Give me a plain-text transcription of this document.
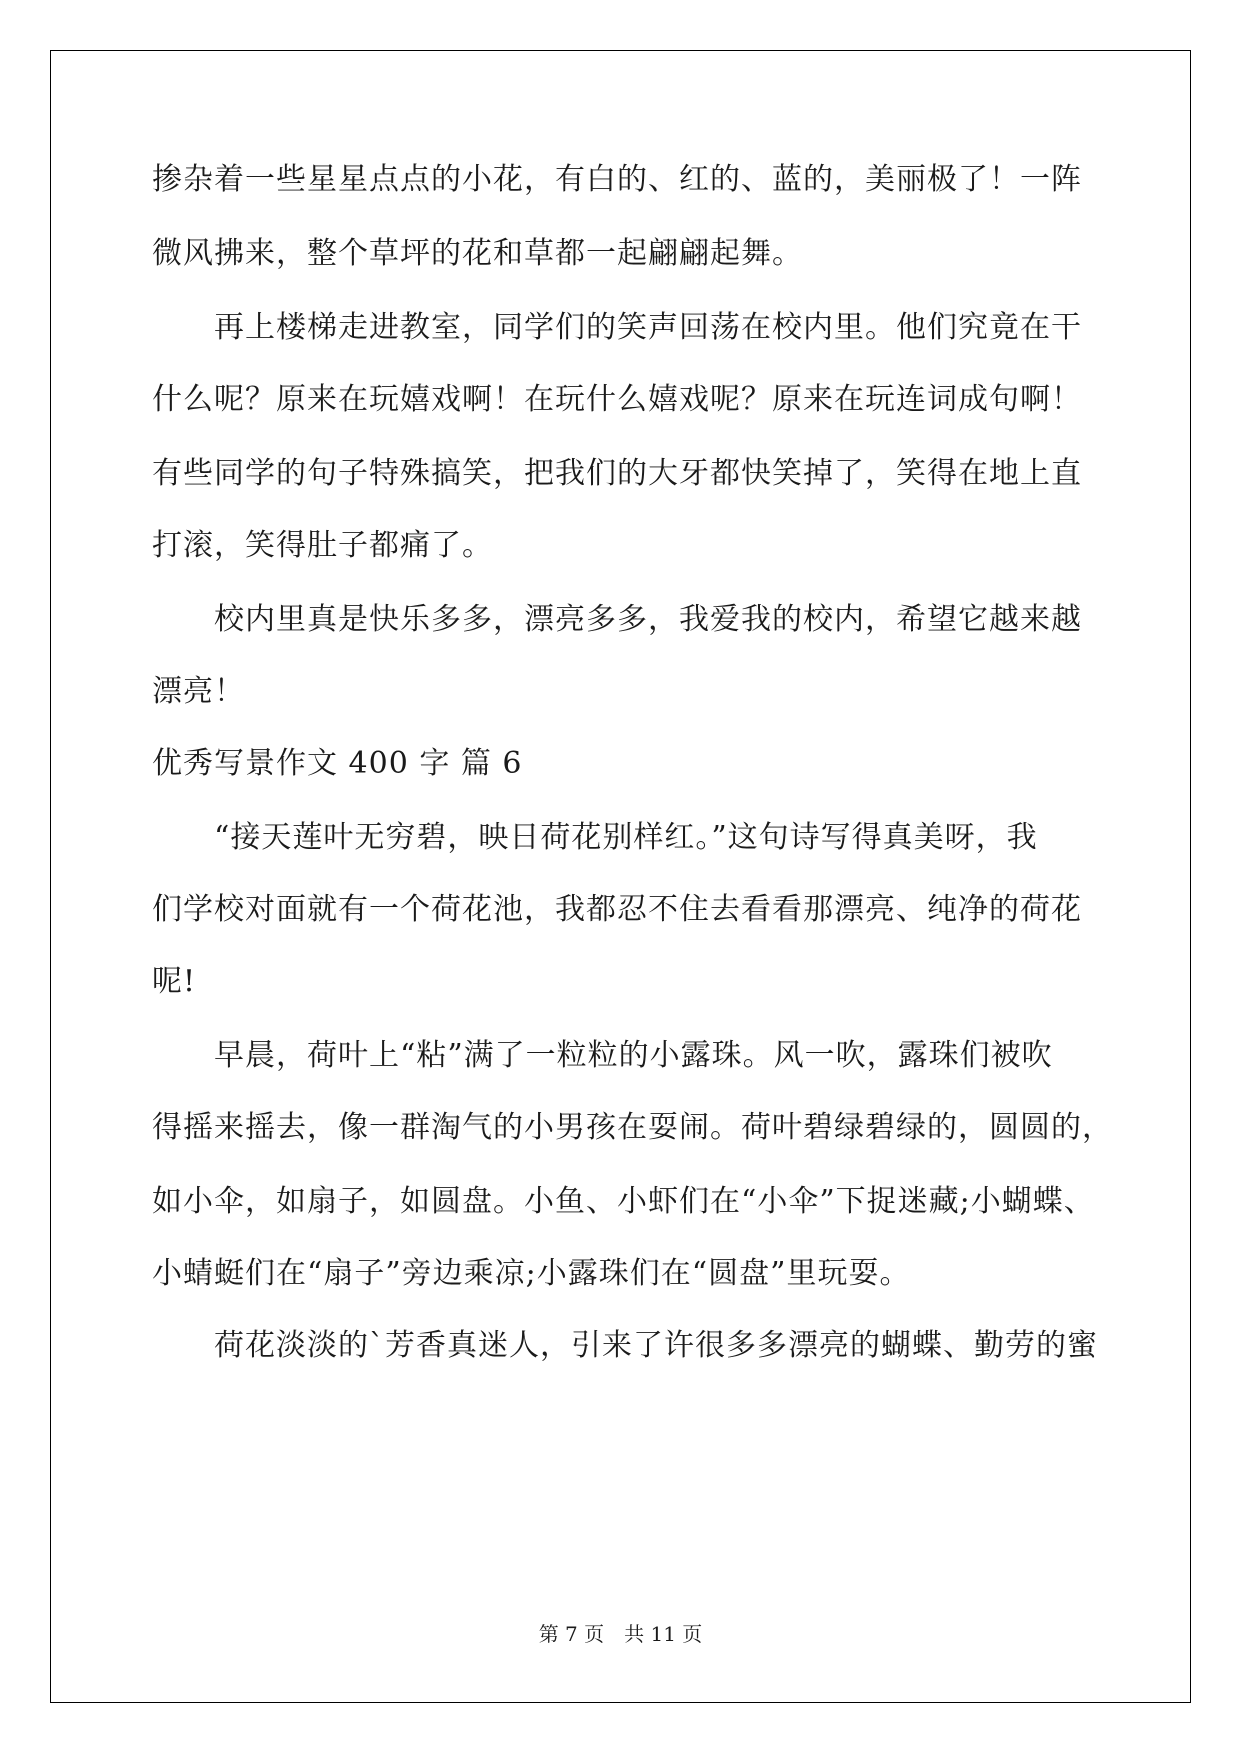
掺杂着一些星星点点的小花，有白的、红的、蓝的，美丽极了！一阵
微风拂来，整个草坪的花和草都一起翩翩起舞。
　　再上楼梯走进教室，同学们的笑声回荡在校内里。他们究竟在干
什么呢？原来在玩嬉戏啊！在玩什么嬉戏呢？原来在玩连词成句啊！
有些同学的句子特殊搞笑，把我们的大牙都快笑掉了，笑得在地上直
打滚，笑得肚子都痛了。
　　校内里真是快乐多多，漂亮多多，我爱我的校内，希望它越来越
漂亮！
优秀写景作文 400 字 篇 6
　　“接天莲叶无穷碧，映日荷花别样红。”这句诗写得真美呀，我
们学校对面就有一个荷花池，我都忍不住去看看那漂亮、纯净的荷花
呢!
　　早晨，荷叶上“粘”满了一粒粒的小露珠。风一吹，露珠们被吹
得摇来摇去，像一群淘气的小男孩在耍闹。荷叶碧绿碧绿的，圆圆的，
如小伞，如扇子，如圆盘。小鱼、小虾们在“小伞”下捉迷藏;小蝴蝶、
小蜻蜓们在“扇子”旁边乘凉;小露珠们在“圆盘”里玩耍。
　　荷花淡淡的`芳香真迷人，引来了许很多多漂亮的蝴蝶、勤劳的蜜
第 7 页　共 11 页
